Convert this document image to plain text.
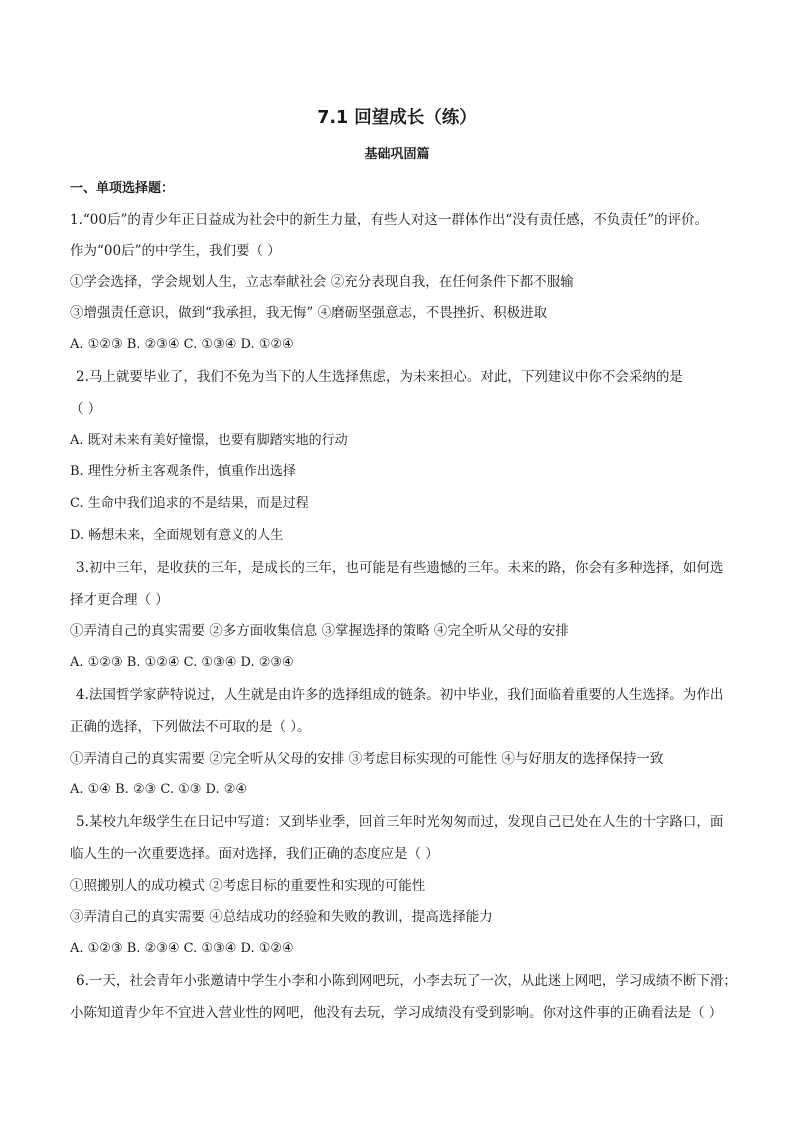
7.1 回望成长（练）
基础巩固篇
一、单项选择题：
1.“00后”的青少年正日益成为社会中的新生力量，有些人对这一群体作出“没有责任感，不负责任”的评价。
作为“00后”的中学生，我们要（ ）
①学会选择，学会规划人生，立志奉献社会 ②充分表现自我，在任何条件下都不服输
③增强责任意识，做到“我承担，我无悔” ④磨砺坚强意志，不畏挫折、积极进取
A. ①②③ B. ②③④ C. ①③④ D. ①②④
2.马上就要毕业了，我们不免为当下的人生选择焦虑，为未来担心。对此，下列建议中你不会采纳的是
（ ）
A. 既对未来有美好憧憬，也要有脚踏实地的行动
B. 理性分析主客观条件，慎重作出选择
C. 生命中我们追求的不是结果，而是过程
D. 畅想未来，全面规划有意义的人生
3.初中三年，是收获的三年，是成长的三年，也可能是有些遗憾的三年。未来的路，你会有多种选择，如何选
择才更合理（ ）
①弄清自己的真实需要 ②多方面收集信息 ③掌握选择的策略 ④完全听从父母的安排
A. ①②③ B. ①②④ C. ①③④ D. ②③④
4.法国哲学家萨特说过，人生就是由许多的选择组成的链条。初中毕业，我们面临着重要的人生选择。为作出
正确的选择，下列做法不可取的是（ ）。
①弄清自己的真实需要 ②完全听从父母的安排 ③考虑目标实现的可能性 ④与好朋友的选择保持一致
A. ①④ B. ②③ C. ①③ D. ②④
5.某校九年级学生在日记中写道：又到毕业季，回首三年时光匆匆而过，发现自己已处在人生的十字路口，面
临人生的一次重要选择。面对选择，我们正确的态度应是（ ）
①照搬别人的成功模式 ②考虑目标的重要性和实现的可能性
③弄清自己的真实需要 ④总结成功的经验和失败的教训，提高选择能力
A. ①②③ B. ②③④ C. ①③④ D. ①②④
6.一天，社会青年小张邀请中学生小李和小陈到网吧玩，小李去玩了一次，从此迷上网吧，学习成绩不断下滑；
小陈知道青少年不宜进入营业性的网吧，他没有去玩，学习成绩没有受到影响。你对这件事的正确看法是（ ）
